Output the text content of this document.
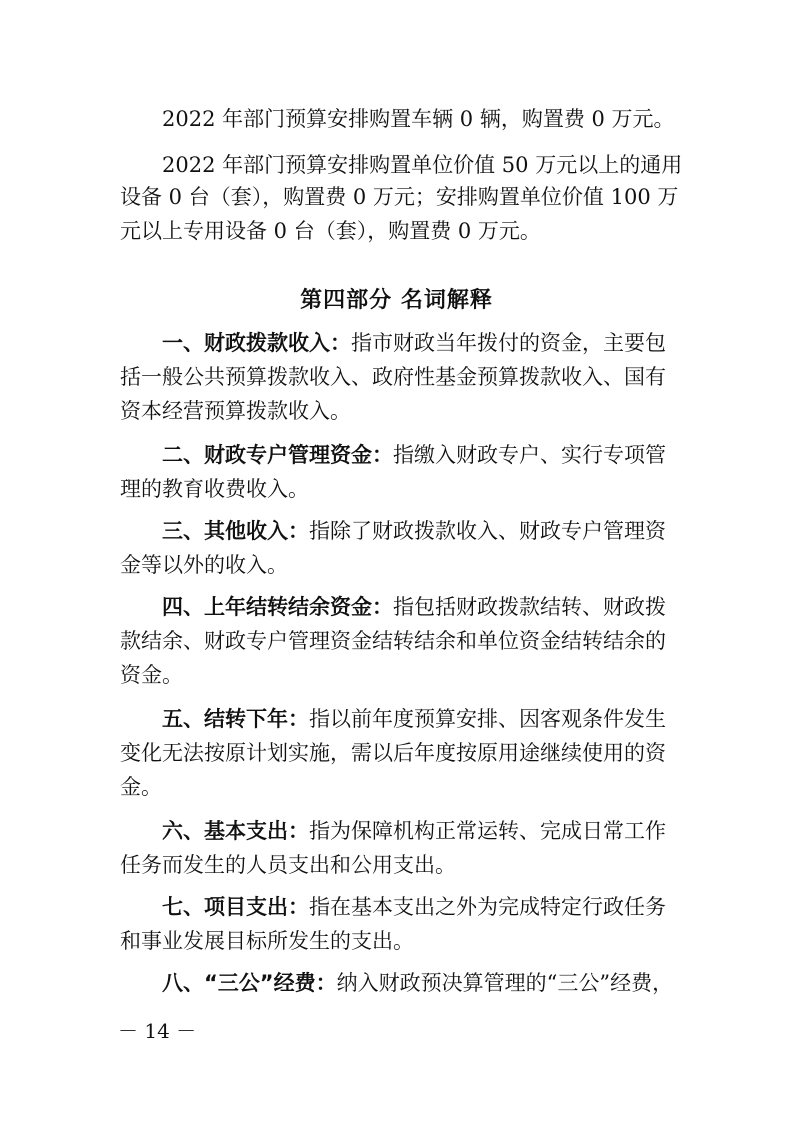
2022 年部门预算安排购置车辆 0 辆，购置费 0 万元。
2022 年部门预算安排购置单位价值 50 万元以上的通用
设备 0 台（套），购置费 0 万元；安排购置单位价值 100 万
元以上专用设备 0 台（套），购置费 0 万元。
第四部分 名词解释
一、财政拨款收入：指市财政当年拨付的资金，主要包
括一般公共预算拨款收入、政府性基金预算拨款收入、国有
资本经营预算拨款收入。
二、财政专户管理资金：指缴入财政专户、实行专项管
理的教育收费收入。
三、其他收入：指除了财政拨款收入、财政专户管理资
金等以外的收入。
四、上年结转结余资金：指包括财政拨款结转、财政拨
款结余、财政专户管理资金结转结余和单位资金结转结余的
资金。
五、结转下年：指以前年度预算安排、因客观条件发生
变化无法按原计划实施，需以后年度按原用途继续使用的资
金。
六、基本支出：指为保障机构正常运转、完成日常工作
任务而发生的人员支出和公用支出。
七、项目支出：指在基本支出之外为完成特定行政任务
和事业发展目标所发生的支出。
八、“三公”经费：纳入财政预决算管理的“三公”经费，
－ 14 －
